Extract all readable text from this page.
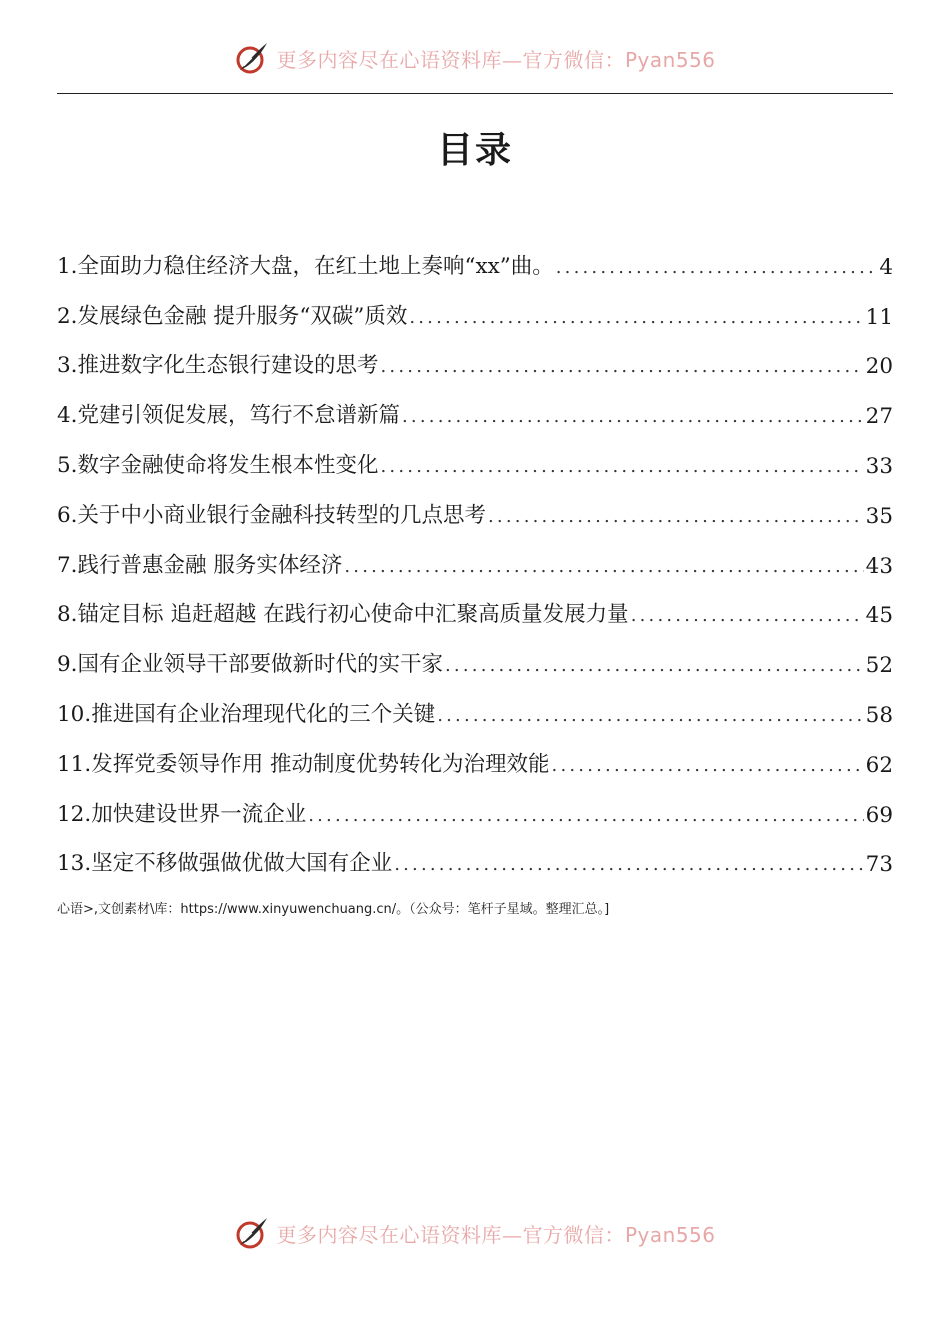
更多内容尽在心语资料库—官方微信：Pyan556
目录
1.全面助力稳住经济大盘，在红土地上奏响“xx”曲。 .....	4
2.发展绿色金融 提升服务“双碳”质效 .....	11
3.推进数字化生态银行建设的思考 .....	20
4.党建引领促发展，笃行不怠谱新篇 .....	27
5.数字金融使命将发生根本性变化 .....	33
6.关于中小商业银行金融科技转型的几点思考 .....	35
7.践行普惠金融 服务实体经济 .....	43
8.锚定目标 追赶超越 在践行初心使命中汇聚高质量发展力量 .....	45
9.国有企业领导干部要做新时代的实干家 .....	52
10.推进国有企业治理现代化的三个关键 .....	58
11.发挥党委领导作用 推动制度优势转化为治理效能 .....	62
12.加快建设世界一流企业 .....	69
13.坚定不移做强做优做大国有企业 .....	73
心语>,文创素材\库：https://www.xinyuwenchuang.cn/。（公众号：笔杆子星域。整理汇总。]
更多内容尽在心语资料库—官方微信：Pyan556
